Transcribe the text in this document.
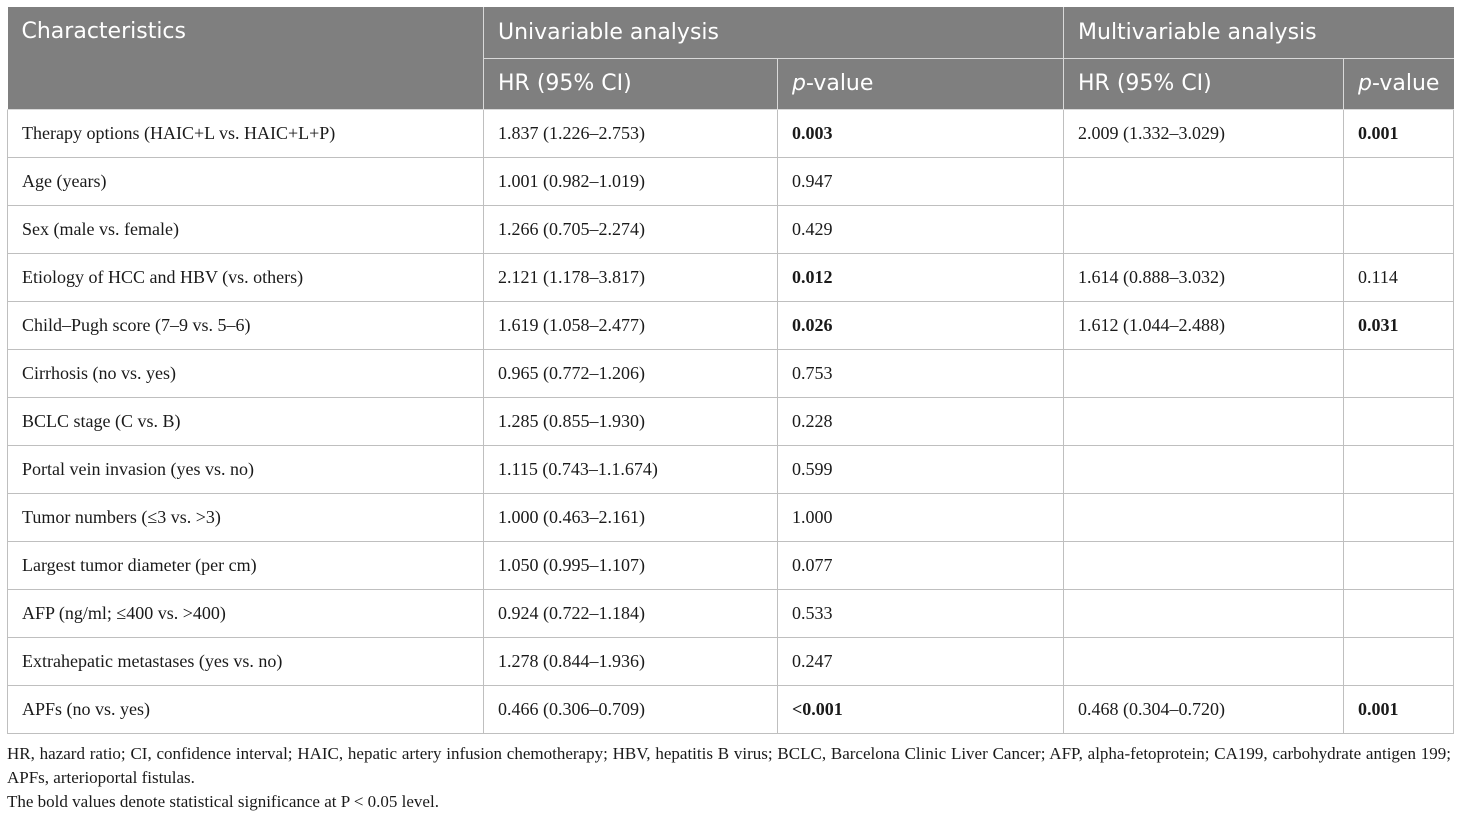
Characteristics	Univariable analysis		Multivariable analysis	
	HR (95% CI)	p-value	HR (95% CI)	p-value
Therapy options (HAIC+L vs. HAIC+L+P)	1.837 (1.226–2.753)	0.003	2.009 (1.332–3.029)	0.001
Age (years)	1.001 (0.982–1.019)	0.947		
Sex (male vs. female)	1.266 (0.705–2.274)	0.429		
Etiology of HCC and HBV (vs. others)	2.121 (1.178–3.817)	0.012	1.614 (0.888–3.032)	0.114
Child–Pugh score (7–9 vs. 5–6)	1.619 (1.058–2.477)	0.026	1.612 (1.044–2.488)	0.031
Cirrhosis (no vs. yes)	0.965 (0.772–1.206)	0.753		
BCLC stage (C vs. B)	1.285 (0.855–1.930)	0.228		
Portal vein invasion (yes vs. no)	1.115 (0.743–1.1.674)	0.599		
Tumor numbers (≤3 vs. >3)	1.000 (0.463–2.161)	1.000		
Largest tumor diameter (per cm)	1.050 (0.995–1.107)	0.077		
AFP (ng/ml; ≤400 vs. >400)	0.924 (0.722–1.184)	0.533		
Extrahepatic metastases (yes vs. no)	1.278 (0.844–1.936)	0.247		
APFs (no vs. yes)	0.466 (0.306–0.709)	<0.001	0.468 (0.304–0.720)	0.001
HR, hazard ratio; CI, confidence interval; HAIC, hepatic artery infusion chemotherapy; HBV, hepatitis B virus; BCLC, Barcelona Clinic Liver Cancer; AFP, alpha-fetoprotein; CA199, carbohydrate antigen 199; APFs, arterioportal fistulas.
The bold values denote statistical significance at P < 0.05 level.
